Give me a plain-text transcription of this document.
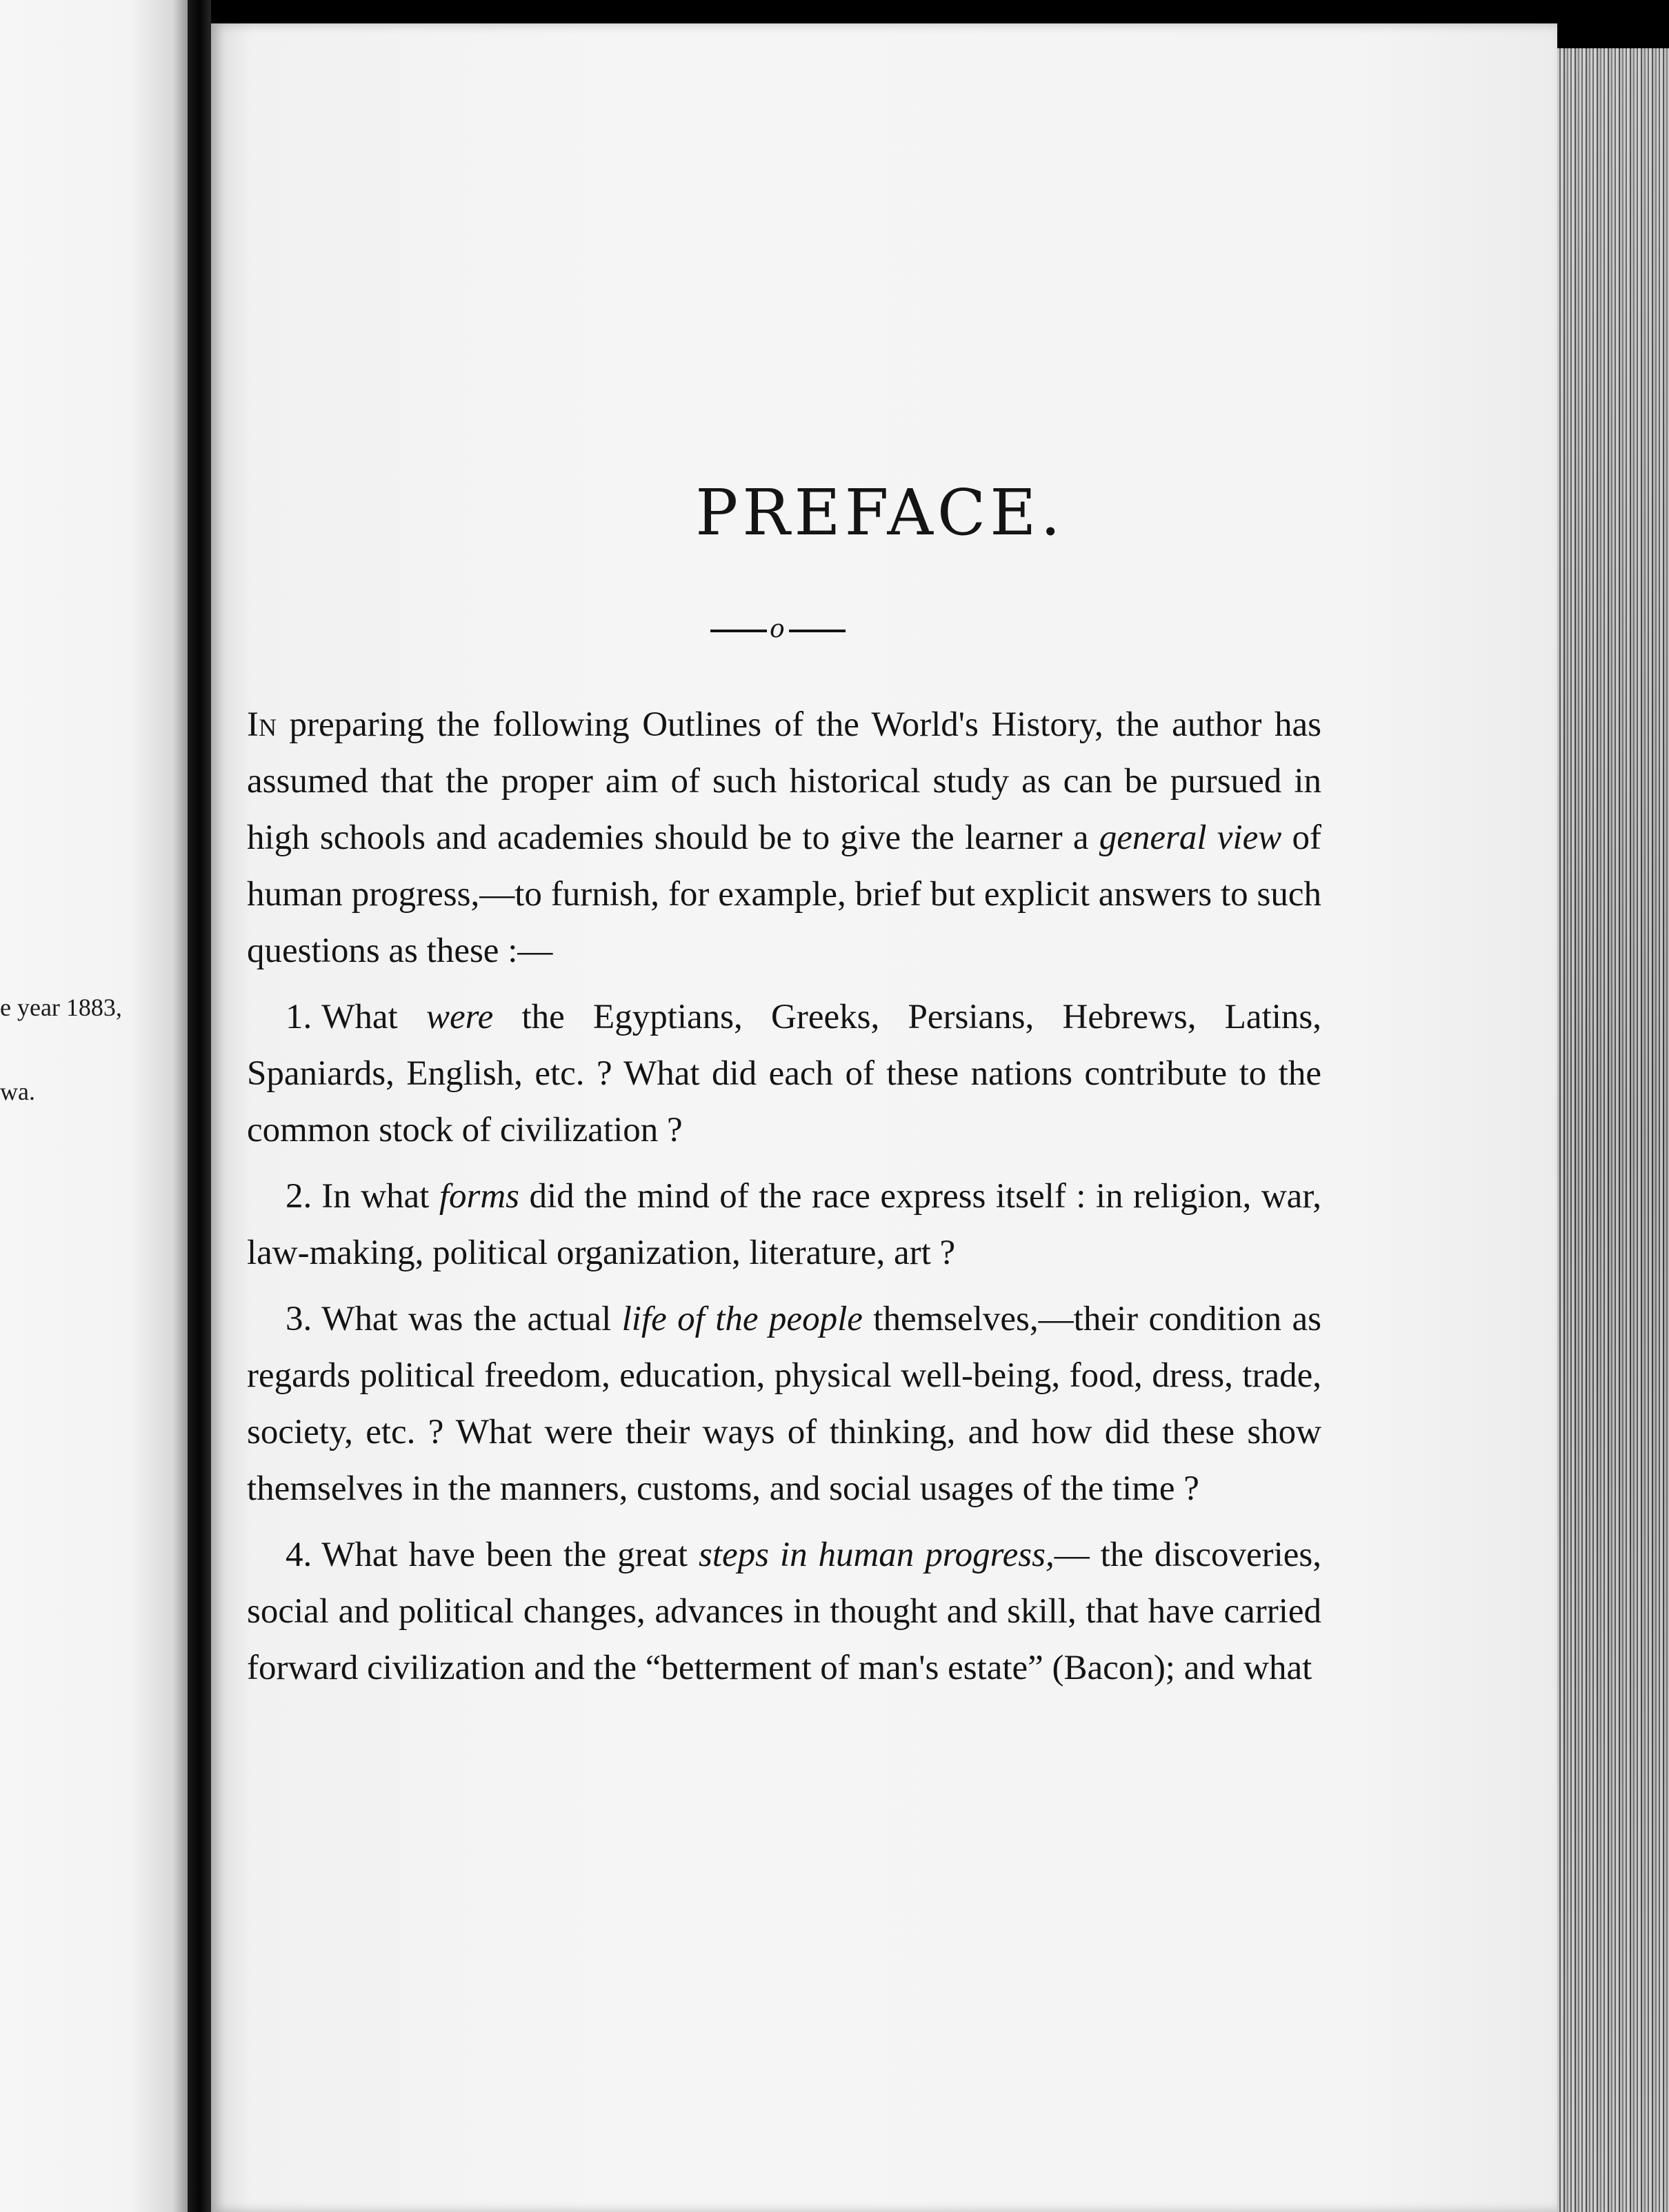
e year 1883,
wa.
PREFACE.
o

In preparing the following Outlines of the World's History, the author has assumed that the proper aim of such historical study as can be pursued in high schools and academies should be to give the learner a general view of human progress,—to furnish, for example, brief but explicit answers to such questions as these :—

1. What were the Egyptians, Greeks, Persians, Hebrews, Latins, Spaniards, English, etc. ? What did each of these nations contribute to the common stock of civilization ?

2. In what forms did the mind of the race express itself : in religion, war, law-making, political organization, literature, art ?

3. What was the actual life of the people themselves,—their condition as regards political freedom, education, physical well-being, food, dress, trade, society, etc. ? What were their ways of thinking, and how did these show themselves in the manners, customs, and social usages of the time ?

4. What have been the great steps in human progress,— the discoveries, social and political changes, advances in thought and skill, that have carried forward civilization and the “betterment of man's estate” (Bacon); and what
